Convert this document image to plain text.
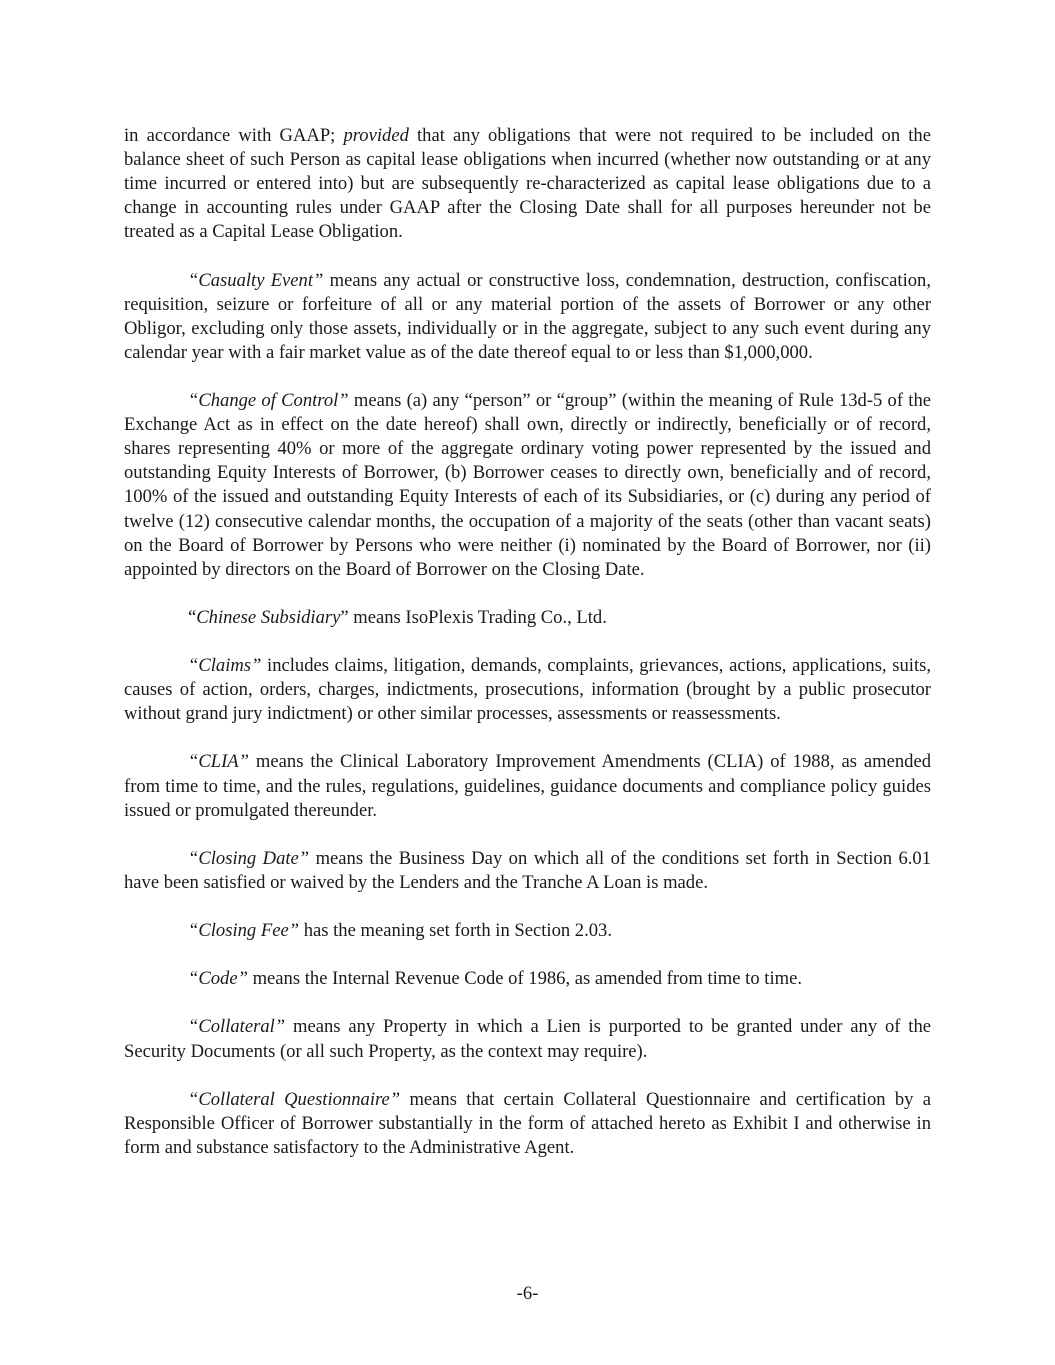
in accordance with GAAP; provided that any obligations that were not required to be included on the balance sheet of such Person as capital lease obligations when incurred (whether now outstanding or at any time incurred or entered into) but are subsequently re-characterized as capital lease obligations due to a change in accounting rules under GAAP after the Closing Date shall for all purposes hereunder not be treated as a Capital Lease Obligation.

“Casualty Event” means any actual or constructive loss, condemnation, destruction, confiscation, requisition, seizure or forfeiture of all or any material portion of the assets of Borrower or any other Obligor, excluding only those assets, individually or in the aggregate, subject to any such event during any calendar year with a fair market value as of the date thereof equal to or less than $1,000,000.

“Change of Control” means (a) any “person” or “group” (within the meaning of Rule 13d-5 of the Exchange Act as in effect on the date hereof) shall own, directly or indirectly, beneficially or of record, shares representing 40% or more of the aggregate ordinary voting power represented by the issued and outstanding Equity Interests of Borrower, (b) Borrower ceases to directly own, beneficially and of record, 100% of the issued and outstanding Equity Interests of each of its Subsidiaries, or (c) during any period of twelve (12) consecutive calendar months, the occupation of a majority of the seats (other than vacant seats) on the Board of Borrower by Persons who were neither (i) nominated by the Board of Borrower, nor (ii) appointed by directors on the Board of Borrower on the Closing Date.

“Chinese Subsidiary” means IsoPlexis Trading Co., Ltd.

“Claims” includes claims, litigation, demands, complaints, grievances, actions, applications, suits, causes of action, orders, charges, indictments, prosecutions, information (brought by a public prosecutor without grand jury indictment) or other similar processes, assessments or reassessments.

“CLIA” means the Clinical Laboratory Improvement Amendments (CLIA) of 1988, as amended from time to time, and the rules, regulations, guidelines, guidance documents and compliance policy guides issued or promulgated thereunder.

“Closing Date” means the Business Day on which all of the conditions set forth in Section 6.01 have been satisfied or waived by the Lenders and the Tranche A Loan is made.

“Closing Fee” has the meaning set forth in Section 2.03.

“Code” means the Internal Revenue Code of 1986, as amended from time to time.

“Collateral” means any Property in which a Lien is purported to be granted under any of the Security Documents (or all such Property, as the context may require).

“Collateral Questionnaire” means that certain Collateral Questionnaire and certification by a Responsible Officer of Borrower substantially in the form of attached hereto as Exhibit I and otherwise in form and substance satisfactory to the Administrative Agent.

-6-
